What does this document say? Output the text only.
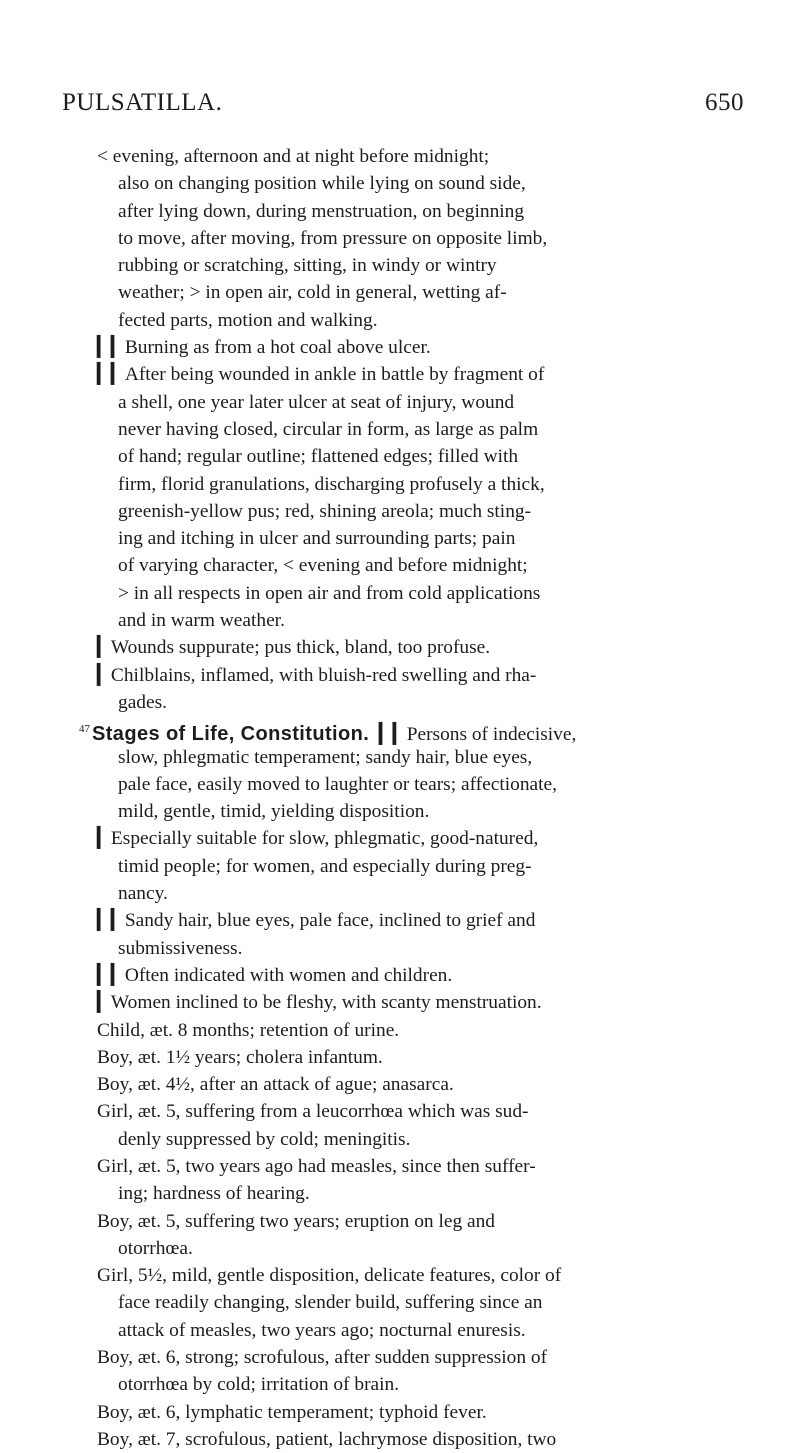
PULSATILLA.	650
< evening, afternoon and at night before midnight;
also on changing position while lying on sound side,
after lying down, during menstruation, on beginning
to move, after moving, from pressure on opposite limb,
rubbing or scratching, sitting, in windy or wintry
weather; > in open air, cold in general, wetting af-
fected parts, motion and walking.
▎▎Burning as from a hot coal above ulcer.
▎▎After being wounded in ankle in battle by fragment of
a shell, one year later ulcer at seat of injury, wound
never having closed, circular in form, as large as palm
of hand; regular outline; flattened edges; filled with
firm, florid granulations, discharging profusely a thick,
greenish-yellow pus; red, shining areola; much sting-
ing and itching in ulcer and surrounding parts; pain
of varying character, < evening and before midnight;
> in all respects in open air and from cold applications
and in warm weather.
▎Wounds suppurate; pus thick, bland, too profuse.
▎Chilblains, inflamed, with bluish-red swelling and rha-
gades.
$^{47}$ Stages of Life, Constitution. ▎▎Persons of indecisive,
slow, phlegmatic temperament; sandy hair, blue eyes,
pale face, easily moved to laughter or tears; affectionate,
mild, gentle, timid, yielding disposition.
▎Especially suitable for slow, phlegmatic, good-natured,
timid people; for women, and especially during preg-
nancy.
▎▎Sandy hair, blue eyes, pale face, inclined to grief and
submissiveness.
▎▎Often indicated with women and children.
▎Women inclined to be fleshy, with scanty menstruation.
Child, æt. 8 months; retention of urine.
Boy, æt. 1½ years; cholera infantum.
Boy, æt. 4½, after an attack of ague; anasarca.
Girl, æt. 5, suffering from a leucorrhœa which was sud-
denly suppressed by cold; meningitis.
Girl, æt. 5, two years ago had measles, since then suffer-
ing; hardness of hearing.
Boy, æt. 5, suffering two years; eruption on leg and
otorrhœa.
Girl, 5½, mild, gentle disposition, delicate features, color of
face readily changing, slender build, suffering since an
attack of measles, two years ago; nocturnal enuresis.
Boy, æt. 6, strong; scrofulous, after sudden suppression of
otorrhœa by cold; irritation of brain.
Boy, æt. 6, lymphatic temperament; typhoid fever.
Boy, æt. 7, scrofulous, patient, lachrymose disposition, two
